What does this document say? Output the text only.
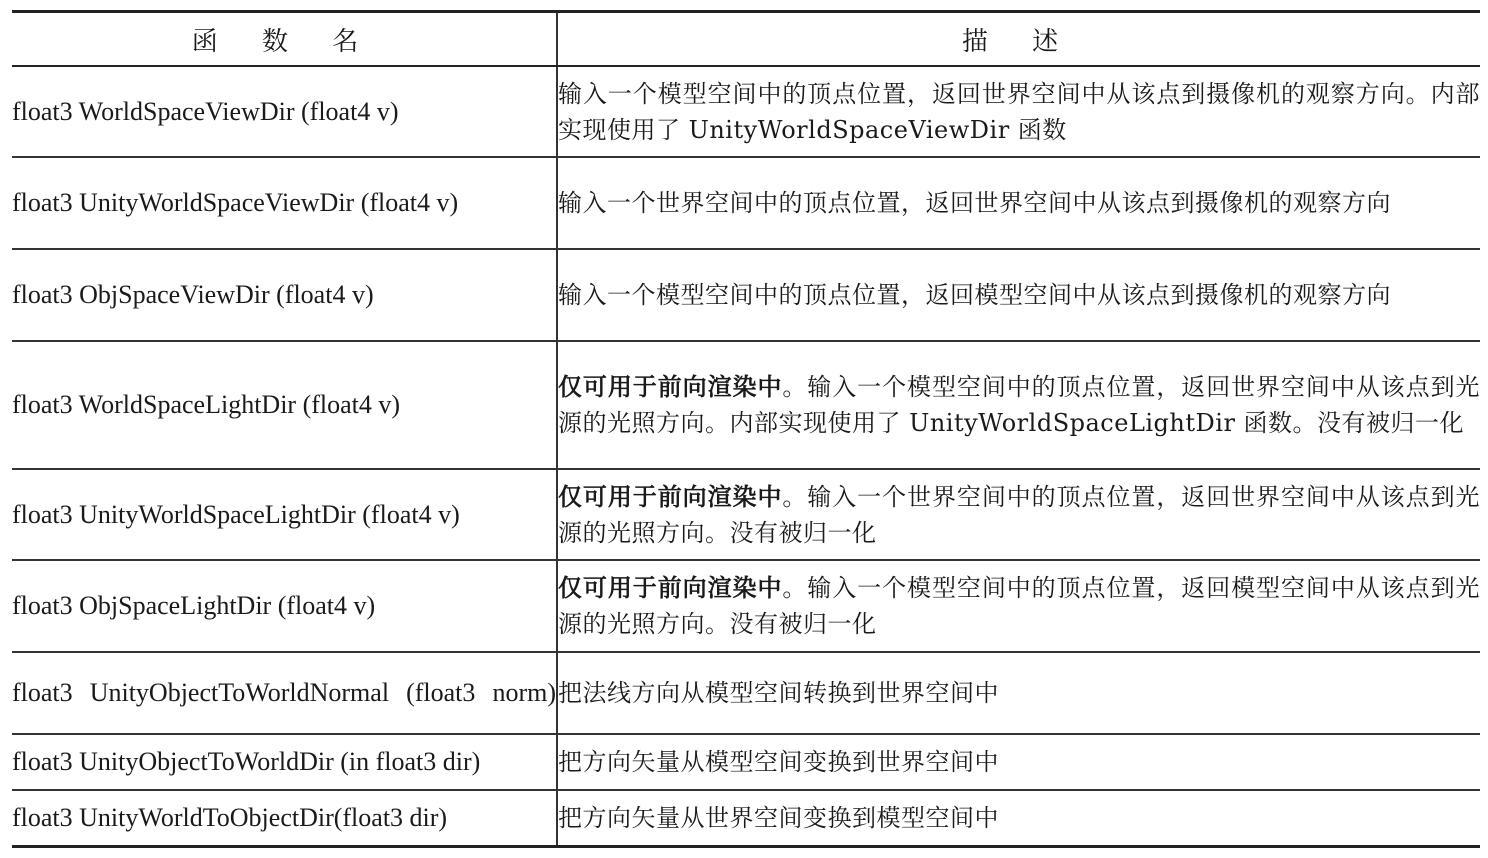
函 数 名	描 述
float3 WorldSpaceViewDir (float4 v)	输入一个模型空间中的顶点位置，返回世界空间中从该点到摄像机的观察方向。内部实现使用了 UnityWorldSpaceViewDir 函数
float3 UnityWorldSpaceViewDir (float4 v)	输入一个世界空间中的顶点位置，返回世界空间中从该点到摄像机的观察方向
float3 ObjSpaceViewDir (float4 v)	输入一个模型空间中的顶点位置，返回模型空间中从该点到摄像机的观察方向
float3 WorldSpaceLightDir (float4 v)	仅可用于前向渲染中。输入一个模型空间中的顶点位置，返回世界空间中从该点到光源的光照方向。内部实现使用了 UnityWorldSpaceLightDir 函数。没有被归一化
float3 UnityWorldSpaceLightDir (float4 v)	仅可用于前向渲染中。输入一个世界空间中的顶点位置，返回世界空间中从该点到光源的光照方向。没有被归一化
float3 ObjSpaceLightDir (float4 v)	仅可用于前向渲染中。输入一个模型空间中的顶点位置，返回模型空间中从该点到光源的光照方向。没有被归一化
float3 UnityObjectToWorldNormal (float3 norm)	把法线方向从模型空间转换到世界空间中
float3 UnityObjectToWorldDir (in float3 dir)	把方向矢量从模型空间变换到世界空间中
float3 UnityWorldToObjectDir(float3 dir)	把方向矢量从世界空间变换到模型空间中
